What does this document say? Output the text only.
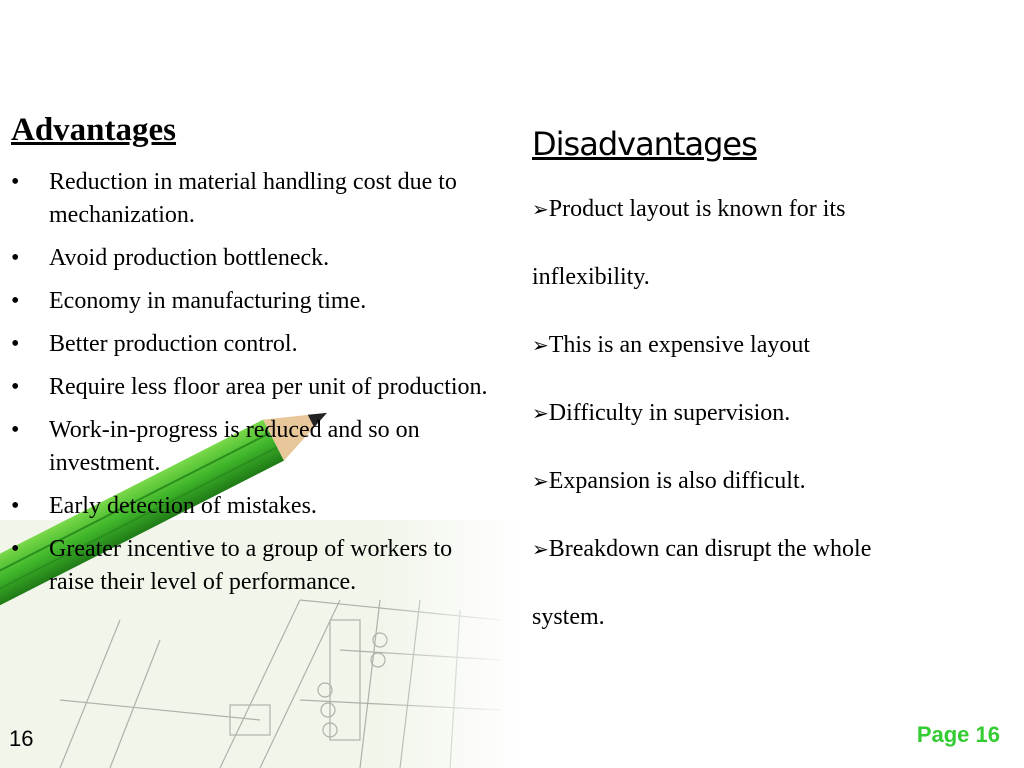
Advantages
• Reduction in material handling cost due to mechanization.
• Avoid production bottleneck.
• Economy in manufacturing time.
• Better production control.
• Require less floor area per unit of production.
• Work-in-progress is reduced and so on investment.
• Early detection of mistakes.
• Greater incentive to a group of workers to raise their level of performance.
Disadvantages
➢Product layout is known for its
inflexibility.
➢This is an expensive layout
➢Difficulty in supervision.
➢Expansion is also difficult.
➢Breakdown can disrupt the whole
system.
16	Page 16
